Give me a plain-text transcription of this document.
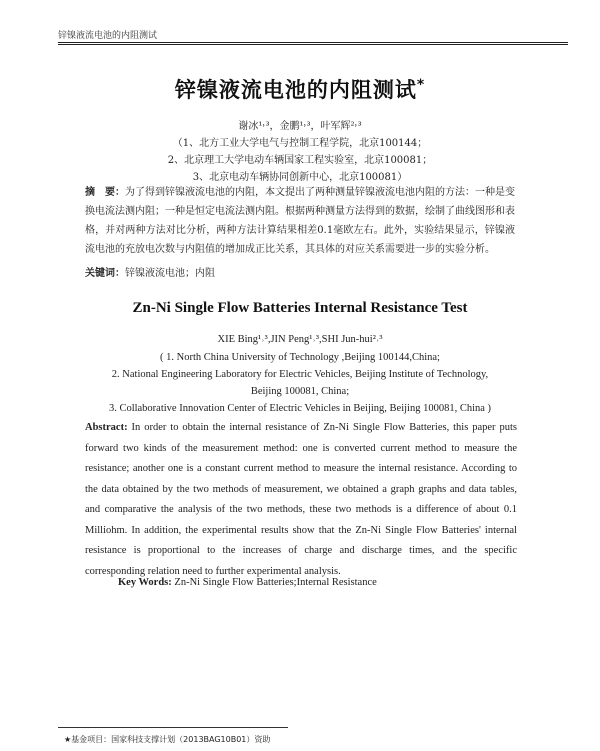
锌镍液流电池的内阻测试
锌镍液流电池的内阻测试*
谢冰¹˒³，金鹏¹˒³，叶军辉²˒³
（1、北方工业大学电气与控制工程学院，北京100144；
2、北京理工大学电动车辆国家工程实验室，北京100081；
3、北京电动车辆协同创新中心，北京100081）
摘　要：为了得到锌镍液流电池的内阻，本文提出了两种测量锌镍液流电池内阻的方法：一种是变换电流法测内阻；一种是恒定电流法测内阻。根据两种测量方法得到的数据，绘制了曲线图形和表格，并对两种方法对比分析，两种方法计算结果相差0.1毫欧左右。此外，实验结果显示，锌镍液流电池的充放电次数与内阻值的增加成正比关系，其具体的对应关系需要进一步的实验分析。
关键词：锌镍液流电池；内阻
Zn-Ni Single Flow Batteries Internal Resistance Test
XIE Bing¹˒³,JIN Peng¹˒³,SHI Jun-hui²˒³
( 1. North China University of Technology ,Beijing 100144,China;
2. National Engineering Laboratory for Electric Vehicles, Beijing Institute of Technology,
Beijing 100081, China;
3. Collaborative Innovation Center of Electric Vehicles in Beijing, Beijing 100081, China )
Abstract: In order to obtain the internal resistance of Zn-Ni Single Flow Batteries, this paper puts forward two kinds of the measurement method: one is converted current method to measure the resistance; another one is a constant current method to measure the internal resistance. According to the data obtained by the two methods of measurement, we obtained a graph graphs and data tables, and comparative the analysis of the two methods, these two methods is a difference of about 0.1 Milliohm. In addition, the experimental results show that the Zn-Ni Single Flow Batteries' internal resistance is proportional to the increases of charge and discharge times, and the specific corresponding relation need to further experimental analysis.
Key Words: Zn-Ni Single Flow Batteries;Internal Resistance
★基金项目：国家科技支撑计划（2013BAG10B01）资助
